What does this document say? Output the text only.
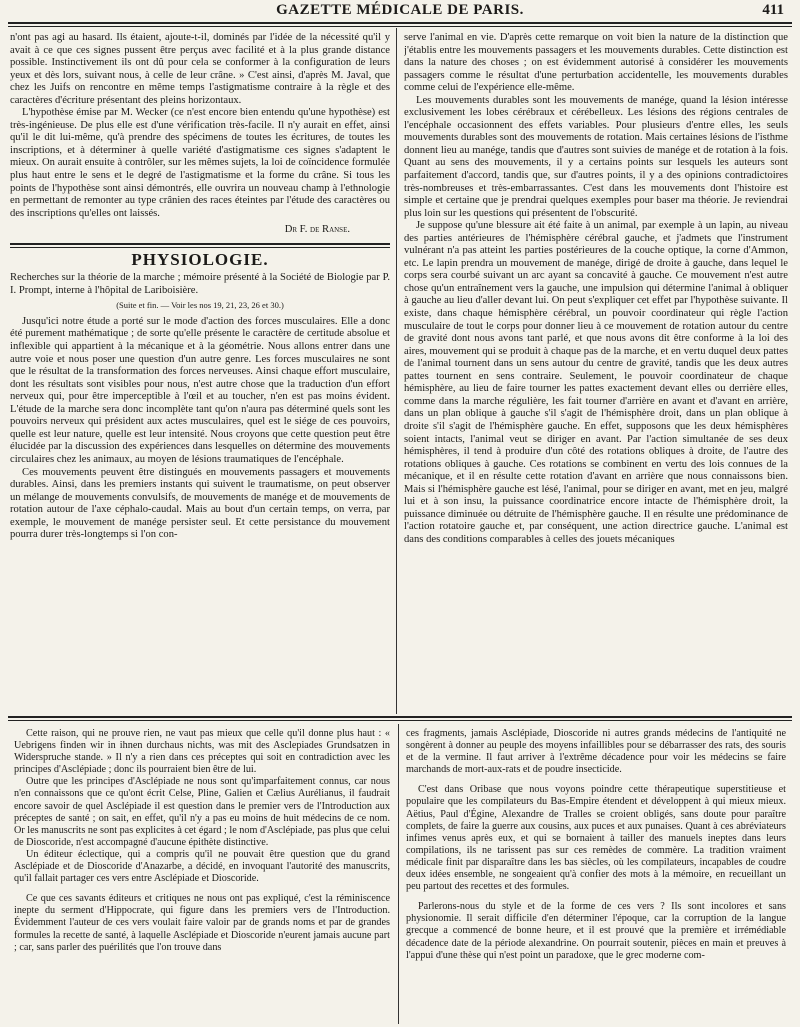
GAZETTE MÉDICALE DE PARIS.	411

n'ont pas agi au hasard. Ils étaient, ajoute-t-il, dominés par l'idée de la nécessité qu'il y avait à ce que ces signes pussent être perçus avec facilité et à la plus grande distance possible. Instinctivement ils ont dû pour cela se conformer à la configuration de leurs yeux et dès lors, suivant nous, à celle de leur crâne. » C'est ainsi, d'après M. Javal, que chez les Juifs on rencontre en même temps l'astigmatisme contraire à la règle et des caractères d'écriture présentant des pleins horizontaux.

L'hypothèse émise par M. Wecker (ce n'est encore bien entendu qu'une hypothèse) est très-ingénieuse. De plus elle est d'une vérification très-facile. Il n'y aurait en effet, ainsi qu'il le dit lui-même, qu'à prendre des spécimens de toutes les écritures, de toutes les inscriptions, et à déterminer à quelle variété d'astigmatisme ces signes s'adaptent le mieux. On aurait ensuite à contrôler, sur les mêmes sujets, la loi de coïncidence formulée plus haut entre le sens et le degré de l'astigmatisme et la forme du crâne. Si tous les points de l'hypothèse sont ainsi démontrés, elle ouvrira un nouveau champ à l'ethnologie en permettant de remonter au type crânien des races éteintes par l'étude des caractères ou des inscriptions qu'elles ont laissés.

Dr F. de Ranse.
PHYSIOLOGIE.

Recherches sur la théorie de la marche ; mémoire présenté à la Société de Biologie par P. I. Prompt, interne à l'hôpital de Lariboisière.

(Suite et fin. — Voir les nos 19, 21, 23, 26 et 30.)

Jusqu'ici notre étude a porté sur le mode d'action des forces musculaires. Elle a donc été purement mathématique ; de sorte qu'elle présente le caractère de certitude absolue et inflexible qui appartient à la mécanique et à la géométrie. Nous allons entrer dans une autre voie et nous poser une question d'un autre genre. Les forces musculaires ne sont que le résultat de la transformation des forces nerveuses. Ainsi chaque effort musculaire, dont les résultats sont visibles pour nous, n'est autre chose que la traduction d'un effort nerveux qui, pour être imperceptible à l'œil et au toucher, n'en est pas moins évident. L'étude de la marche sera donc incomplète tant qu'on n'aura pas déterminé quels sont les pouvoirs nerveux qui président aux actes musculaires, quel est le siége de ces pouvoirs, quelle est leur nature, quelle est leur intensité. Nous croyons que cette question peut être élucidée par la discussion des expériences dans lesquelles on détermine des mouvements circulaires chez les animaux, au moyen de lésions traumatiques de l'encéphale.

Ces mouvements peuvent être distingués en mouvements passagers et mouvements durables. Ainsi, dans les premiers instants qui suivent le traumatisme, on peut observer un mélange de mouvements convulsifs, de mouvements de manége et de mouvements de rotation autour de l'axe céphalo-caudal. Mais au bout d'un certain temps, on verra, par exemple, le mouvement de manége persister seul. Et cette persistance du mouvement pourra durer très-longtemps si l'on con-

serve l'animal en vie. D'après cette remarque on voit bien la nature de la distinction que j'établis entre les mouvements passagers et les mouvements durables. Cette distinction est dans la nature des choses ; on est évidemment autorisé à considérer les mouvements passagers comme le résultat d'une perturbation accidentelle, les mouvements durables comme celui de l'expérience elle-même.

Les mouvements durables sont les mouvements de manége, quand la lésion intéresse exclusivement les lobes cérébraux et cérébelleux. Les lésions des régions centrales de l'encéphale occasionnent des effets variables. Pour plusieurs d'entre elles, les seuls mouvements durables sont des mouvements de rotation. Mais certaines lésions de l'isthme donnent lieu au manége, tandis que d'autres sont suivies de manége et de rotation à la fois. Quant au sens des mouvements, il y a certains points sur lesquels les auteurs sont parfaitement d'accord, tandis que, sur d'autres points, il y a des opinions contradictoires très-nombreuses et très-embarrassantes. C'est dans les mouvements dont l'histoire est simple et certaine que je prendrai quelques exemples pour baser ma théorie. Je reviendrai plus loin sur les questions qui présentent de l'obscurité.

Je suppose qu'une blessure ait été faite à un animal, par exemple à un lapin, au niveau des parties antérieures de l'hémisphère cérébral gauche, et j'admets que l'instrument vulnérant n'a pas atteint les parties postérieures de la couche optique, la corne d'Ammon, etc. Le lapin prendra un mouvement de manége, dirigé de droite à gauche, dans lequel le corps sera courbé suivant un arc ayant sa concavité à gauche. Ce mouvement n'est autre chose qu'un entraînement vers la gauche, une impulsion qui détermine l'animal à obliquer à gauche au lieu d'aller devant lui. On peut s'expliquer cet effet par l'hypothèse suivante. Il existe, dans chaque hémisphère cérébral, un pouvoir coordinateur qui règle l'action musculaire de tout le corps pour donner lieu à ce mouvement de rotation autour du centre de gravité dont nous avons tant parlé, et que nous avons dit être conforme à la loi des aires, mouvement qui se produit à chaque pas de la marche, et en vertu duquel deux pattes de l'animal tournent dans un sens autour du centre de gravité, tandis que les deux autres pattes tournent en sens contraire. Seulement, le pouvoir coordinateur de chaque hémisphère, au lieu de faire tourner les pattes exactement devant elles ou derrière elles, comme dans la marche régulière, les fait tourner d'arrière en avant et d'avant en arrière, dans un plan oblique à gauche s'il s'agit de l'hémisphère droit, dans un plan oblique à droite s'il s'agit de l'hémisphère gauche. En effet, supposons que les deux hémisphères soient intacts, l'animal veut se diriger en avant. Par l'action simultanée de ses deux hémisphères, il tend à produire d'un côté des rotations obliques à droite, de l'autre des rotations obliques à gauche. Ces rotations se combinent en vertu des lois connues de la mécanique, et il en résulte cette rotation d'avant en arrière que nous connaissons bien. Mais si l'hémisphère gauche est lésé, l'animal, pour se diriger en avant, met en jeu, malgré lui et à son insu, la puissance coordinatrice encore intacte de l'hémisphère droit, la puissance diminuée ou détruite de l'hémisphère gauche. Il en résulte une prédominance de l'action rotatoire gauche et, par conséquent, une action directrice gauche. L'animal est dans des conditions comparables à celles des jouets mécaniques

Cette raison, qui ne prouve rien, ne vaut pas mieux que celle qu'il donne plus haut : « Uebrigens finden wir in ihnen durchaus nichts, was mit des Asclepiades Grundsatzen in Widerspruche stande. » Il n'y a rien dans ces préceptes qui soit en contradiction avec les principes d'Asclépiade ; donc ils pourraient bien être de lui.

Outre que les principes d'Asclépiade ne nous sont qu'imparfaitement connus, car nous n'en connaissons que ce qu'ont écrit Celse, Pline, Galien et Cælius Aurélianus, il faudrait encore savoir de quel Asclépiade il est question dans le premier vers de l'Introduction aux préceptes de santé ; on sait, en effet, qu'il n'y a pas eu moins de huit médecins de ce nom. Or les manuscrits ne sont pas explicites à cet égard ; le nom d'Asclépiade, pas plus que celui de Dioscoride, n'est accompagné d'aucune épithète distinctive.

Un éditeur éclectique, qui a compris qu'il ne pouvait être question que du grand Asclépiade et de Dioscoride d'Anazarbe, a décidé, en invoquant l'autorité des manuscrits, qu'il fallait partager ces vers entre Asclépiade et Dioscoride.

Ce que ces savants éditeurs et critiques ne nous ont pas expliqué, c'est la réminiscence inepte du serment d'Hippocrate, qui figure dans les premiers vers de l'Introduction. Évidemment l'auteur de ces vers voulait faire valoir par de grands noms et par de grandes formules la recette de santé, à laquelle Asclépiade et Dioscoride n'eurent jamais aucune part ; car, sans parler des puérilités que l'on trouve dans

ces fragments, jamais Asclépiade, Dioscoride ni autres grands médecins de l'antiquité ne songèrent à donner au peuple des moyens infaillibles pour se débarrasser des rats, des souris et de la vermine. Il faut arriver à l'extrême décadence pour voir les médecins se faire marchands de mort-aux-rats et de poudre insecticide.

C'est dans Oribase que nous voyons poindre cette thérapeutique superstitieuse et populaire que les compilateurs du Bas-Empire étendent et développent à qui mieux mieux. Aëtius, Paul d'Égine, Alexandre de Tralles se croient obligés, sans doute pour paraître complets, de faire la guerre aux cousins, aux puces et aux punaises. Quant à ces abréviateurs infimes venus après eux, et qui se bornaient à tailler des manuels ineptes dans leurs compilations, ils ne tarissent pas sur ces remèdes de commère. La tradition vraiment médicale finit par disparaître dans les bas siècles, où les compilateurs, incapables de coudre deux idées ensemble, ne songeaient qu'à confier des mots à la mémoire, en recueillant un peu partout des recettes et des formules.

Parlerons-nous du style et de la forme de ces vers ? Ils sont incolores et sans physionomie. Il serait difficile d'en déterminer l'époque, car la corruption de la langue grecque a commencé de bonne heure, et il est prouvé que la première et irrémédiable décadence date de la période alexandrine. On pourrait soutenir, pièces en main et preuves à l'appui d'une thèse qui n'est point un paradoxe, que le grec moderne com-
